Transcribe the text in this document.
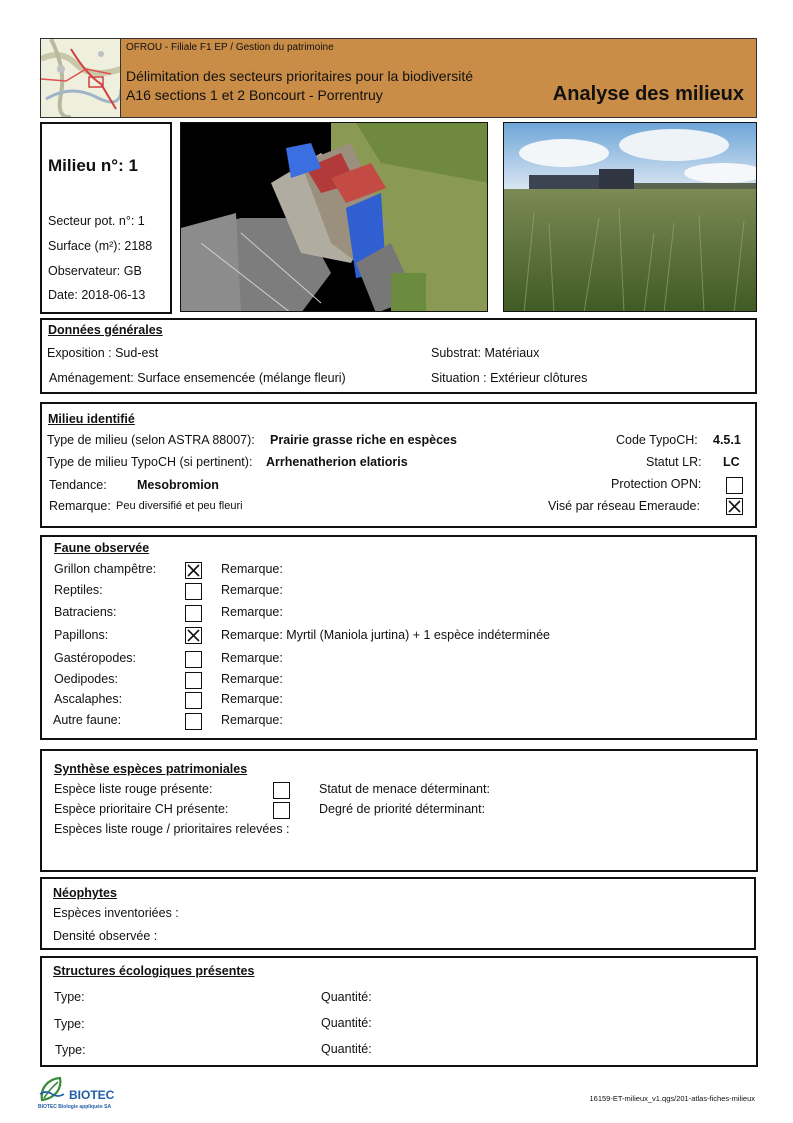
OFROU - Filiale F1 EP / Gestion du patrimoine
Délimitation des secteurs prioritaires pour la biodiversité
A16 sections 1 et 2 Boncourt - Porrentruy	Analyse des milieux
Milieu n°: 1
Secteur pot. n°: 1
Surface (m²): 2188
Observateur: GB
Date: 2018-06-13
Données générales
Exposition : Sud-est	Substrat: Matériaux
Aménagement: Surface ensemencée (mélange fleuri)	Situation : Extérieur clôtures
Milieu identifié
Type de milieu (selon ASTRA 88007): Prairie grasse riche en espèces	Code TypoCH: 4.5.1
Type de milieu TypoCH (si pertinent): Arrhenatherion elatioris	Statut LR: LC
Tendance: Mesobromion	Protection OPN:
Remarque: Peu diversifié et peu fleuri	Visé par réseau Emeraude:
Faune observée
Grillon champêtre:	Remarque:
Reptiles:	Remarque:
Batraciens:	Remarque:
Papillons:	Remarque: Myrtil (Maniola jurtina) + 1 espèce indéterminée
Gastéropodes:	Remarque:
Oedipodes:	Remarque:
Ascalaphes:	Remarque:
Autre faune:	Remarque:
Synthèse espèces patrimoniales
Espèce liste rouge présente:	Statut de menace déterminant:
Espèce prioritaire CH présente:	Degré de priorité déterminant:
Espèces liste rouge / prioritaires relevées :
Néophytes
Espèces inventoriées :
Densité observée :
Structures écologiques présentes
Type:	Quantité:
Type:	Quantité:
Type:	Quantité:
BIOTEC
BIOTEC Biologie appliquée SA
16159-ET-milieux_v1.qgs/201-atlas-fiches-milieux
